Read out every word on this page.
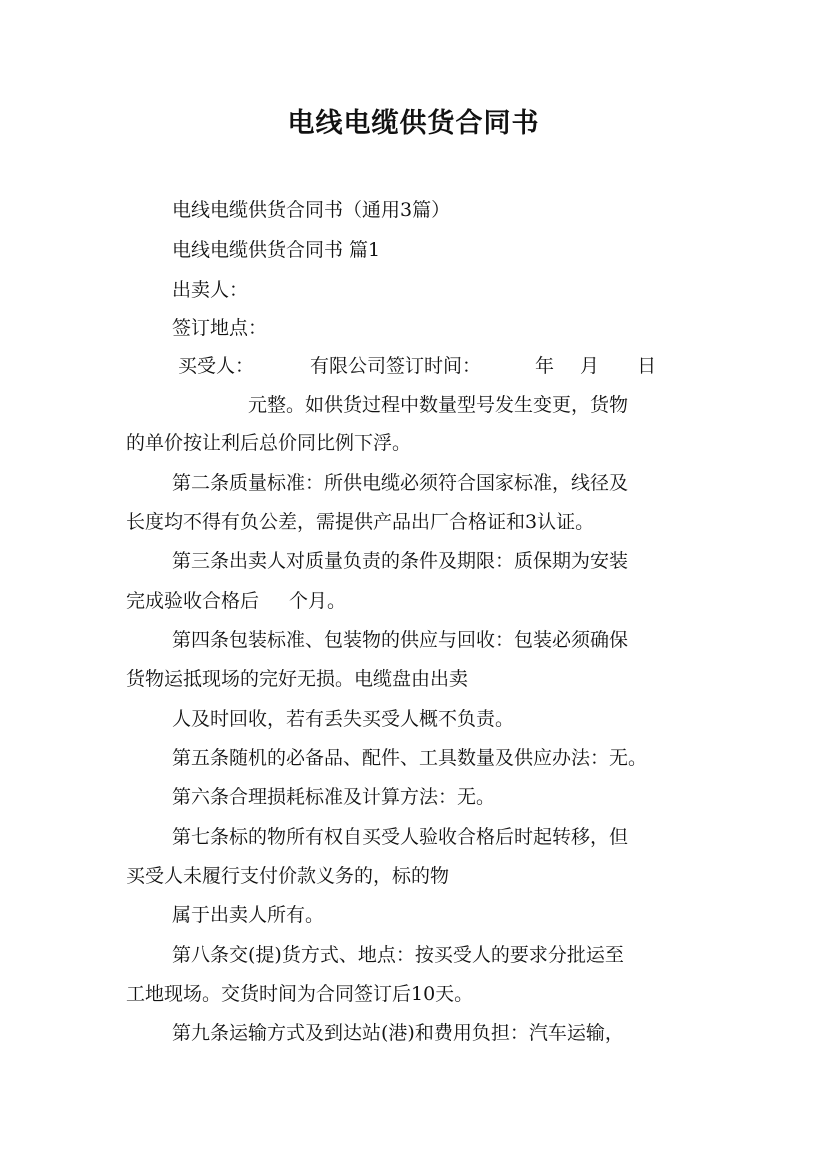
电线电缆供货合同书
电线电缆供货合同书（通用3篇）
电线电缆供货合同书 篇1
出卖人：
签订地点：
买受人：	有限公司签订时间：	年 月 日
元整。如供货过程中数量型号发生变更，货物
的单价按让利后总价同比例下浮。
第二条质量标准：所供电缆必须符合国家标准，线径及
长度均不得有负公差，需提供产品出厂合格证和3认证。
第三条出卖人对质量负责的条件及期限：质保期为安装
完成验收合格后 个月。
第四条包装标准、包装物的供应与回收：包装必须确保
货物运抵现场的完好无损。电缆盘由出卖
人及时回收，若有丢失买受人概不负责。
第五条随机的必备品、配件、工具数量及供应办法：无。
第六条合理损耗标准及计算方法：无。
第七条标的物所有权自买受人验收合格后时起转移，但
买受人未履行支付价款义务的，标的物
属于出卖人所有。
第八条交(提)货方式、地点：按买受人的要求分批运至
工地现场。交货时间为合同签订后10天。
第九条运输方式及到达站(港)和费用负担：汽车运输，
